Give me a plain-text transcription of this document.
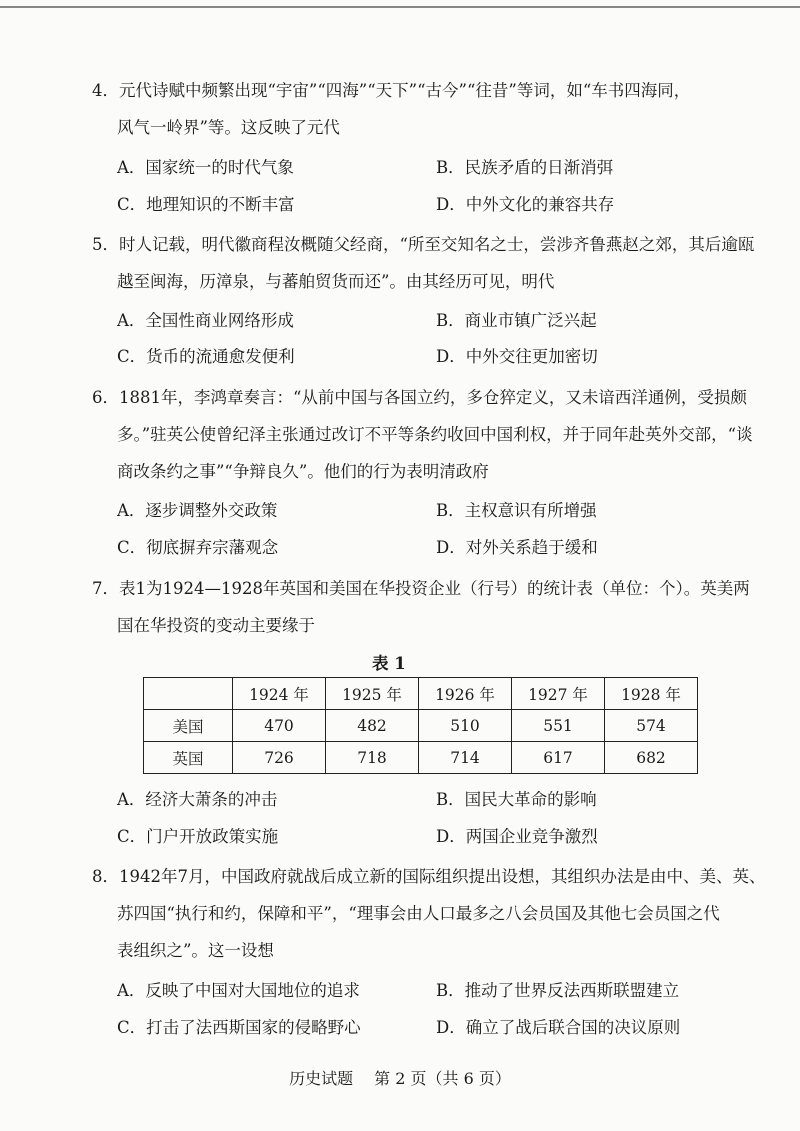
4．元代诗赋中频繁出现“宇宙”“四海”“天下”“古今”“往昔”等词，如“车书四海同，
风气一岭界”等。这反映了元代
A．国家统一的时代气象	B．民族矛盾的日渐消弭
C．地理知识的不断丰富	D．中外文化的兼容共存
5．时人记载，明代徽商程汝概随父经商，“所至交知名之士，尝涉齐鲁燕赵之郊，其后逾瓯
越至闽海，历漳泉，与蕃舶贸货而还”。由其经历可见，明代
A．全国性商业网络形成	B．商业市镇广泛兴起
C．货币的流通愈发便利	D．中外交往更加密切
6．1881年，李鸿章奏言：“从前中国与各国立约，多仓猝定义，又未谙西洋通例，受损颇
多。”驻英公使曾纪泽主张通过改订不平等条约收回中国利权，并于同年赴英外交部，“谈
商改条约之事”“争辩良久”。他们的行为表明清政府
A．逐步调整外交政策	B．主权意识有所增强
C．彻底摒弃宗藩观念	D．对外关系趋于缓和
7．表1为1924—1928年英国和美国在华投资企业（行号）的统计表（单位：个）。英美两
国在华投资的变动主要缘于
表 1
	1924 年	1925 年	1926 年	1927 年	1928 年
美国	470	482	510	551	574
英国	726	718	714	617	682
A．经济大萧条的冲击	B．国民大革命的影响
C．门户开放政策实施	D．两国企业竞争激烈
8．1942年7月，中国政府就战后成立新的国际组织提出设想，其组织办法是由中、美、英、
苏四国“执行和约，保障和平”，“理事会由人口最多之八会员国及其他七会员国之代
表组织之”。这一设想
A．反映了中国对大国地位的追求	B．推动了世界反法西斯联盟建立
C．打击了法西斯国家的侵略野心	D．确立了战后联合国的决议原则
历史试题　 第 2 页（共 6 页）
